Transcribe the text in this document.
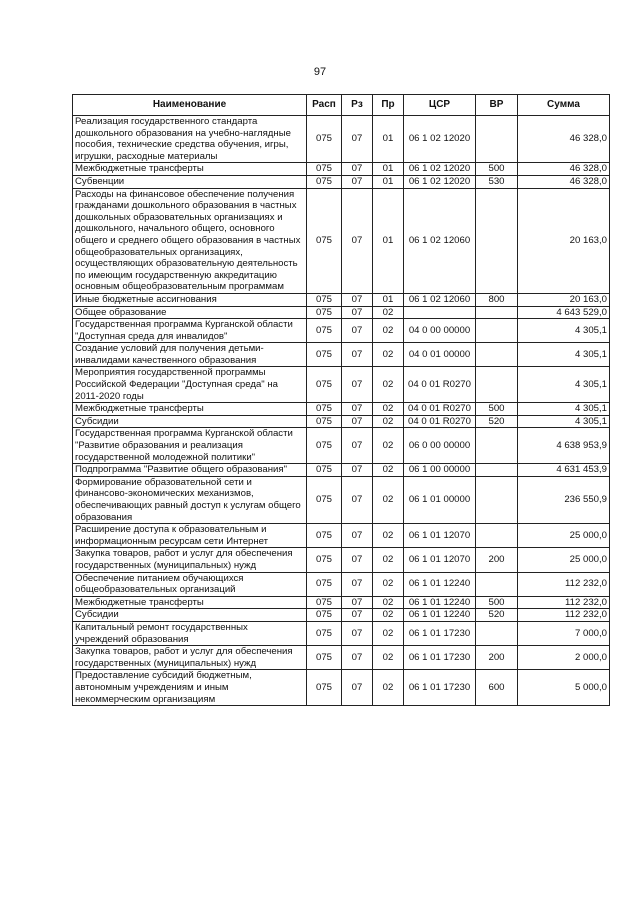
97
Наименование	Расп	Рз	Пр	ЦСР	ВР	Сумма
Реализация государственного стандарта дошкольного образования на учебно-наглядные пособия, технические средства обучения, игры, игрушки, расходные материалы	075	07	01	06 1 02 12020		46 328,0
Межбюджетные трансферты	075	07	01	06 1 02 12020	500	46 328,0
Субвенции	075	07	01	06 1 02 12020	530	46 328,0
Расходы на финансовое обеспечение получения гражданами дошкольного образования в частных дошкольных образовательных организациях и дошкольного, начального общего, основного общего и среднего общего образования в частных общеобразовательных организациях, осуществляющих образовательную деятельность по имеющим государственную аккредитацию основным общеобразовательным программам	075	07	01	06 1 02 12060		20 163,0
Иные бюджетные ассигнования	075	07	01	06 1 02 12060	800	20 163,0
Общее образование	075	07	02			4 643 529,0
Государственная программа Курганской области "Доступная среда для инвалидов"	075	07	02	04 0 00 00000		4 305,1
Создание условий для получения детьми-инвалидами качественного образования	075	07	02	04 0 01 00000		4 305,1
Мероприятия государственной программы Российской Федерации "Доступная среда" на 2011-2020 годы	075	07	02	04 0 01 R0270		4 305,1
Межбюджетные трансферты	075	07	02	04 0 01 R0270	500	4 305,1
Субсидии	075	07	02	04 0 01 R0270	520	4 305,1
Государственная программа Курганской области "Развитие образования и реализация государственной молодежной политики"	075	07	02	06 0 00 00000		4 638 953,9
Подпрограмма "Развитие общего образования"	075	07	02	06 1 00 00000		4 631 453,9
Формирование образовательной сети и финансово-экономических механизмов, обеспечивающих равный доступ к услугам общего образования	075	07	02	06 1 01 00000		236 550,9
Расширение доступа к образовательным и информационным ресурсам сети Интернет	075	07	02	06 1 01 12070		25 000,0
Закупка товаров, работ и услуг для обеспечения государственных (муниципальных) нужд	075	07	02	06 1 01 12070	200	25 000,0
Обеспечение питанием обучающихся общеобразовательных организаций	075	07	02	06 1 01 12240		112 232,0
Межбюджетные трансферты	075	07	02	06 1 01 12240	500	112 232,0
Субсидии	075	07	02	06 1 01 12240	520	112 232,0
Капитальный ремонт государственных учреждений образования	075	07	02	06 1 01 17230		7 000,0
Закупка товаров, работ и услуг для обеспечения государственных (муниципальных) нужд	075	07	02	06 1 01 17230	200	2 000,0
Предоставление субсидий бюджетным, автономным учреждениям и иным некоммерческим организациям	075	07	02	06 1 01 17230	600	5 000,0
